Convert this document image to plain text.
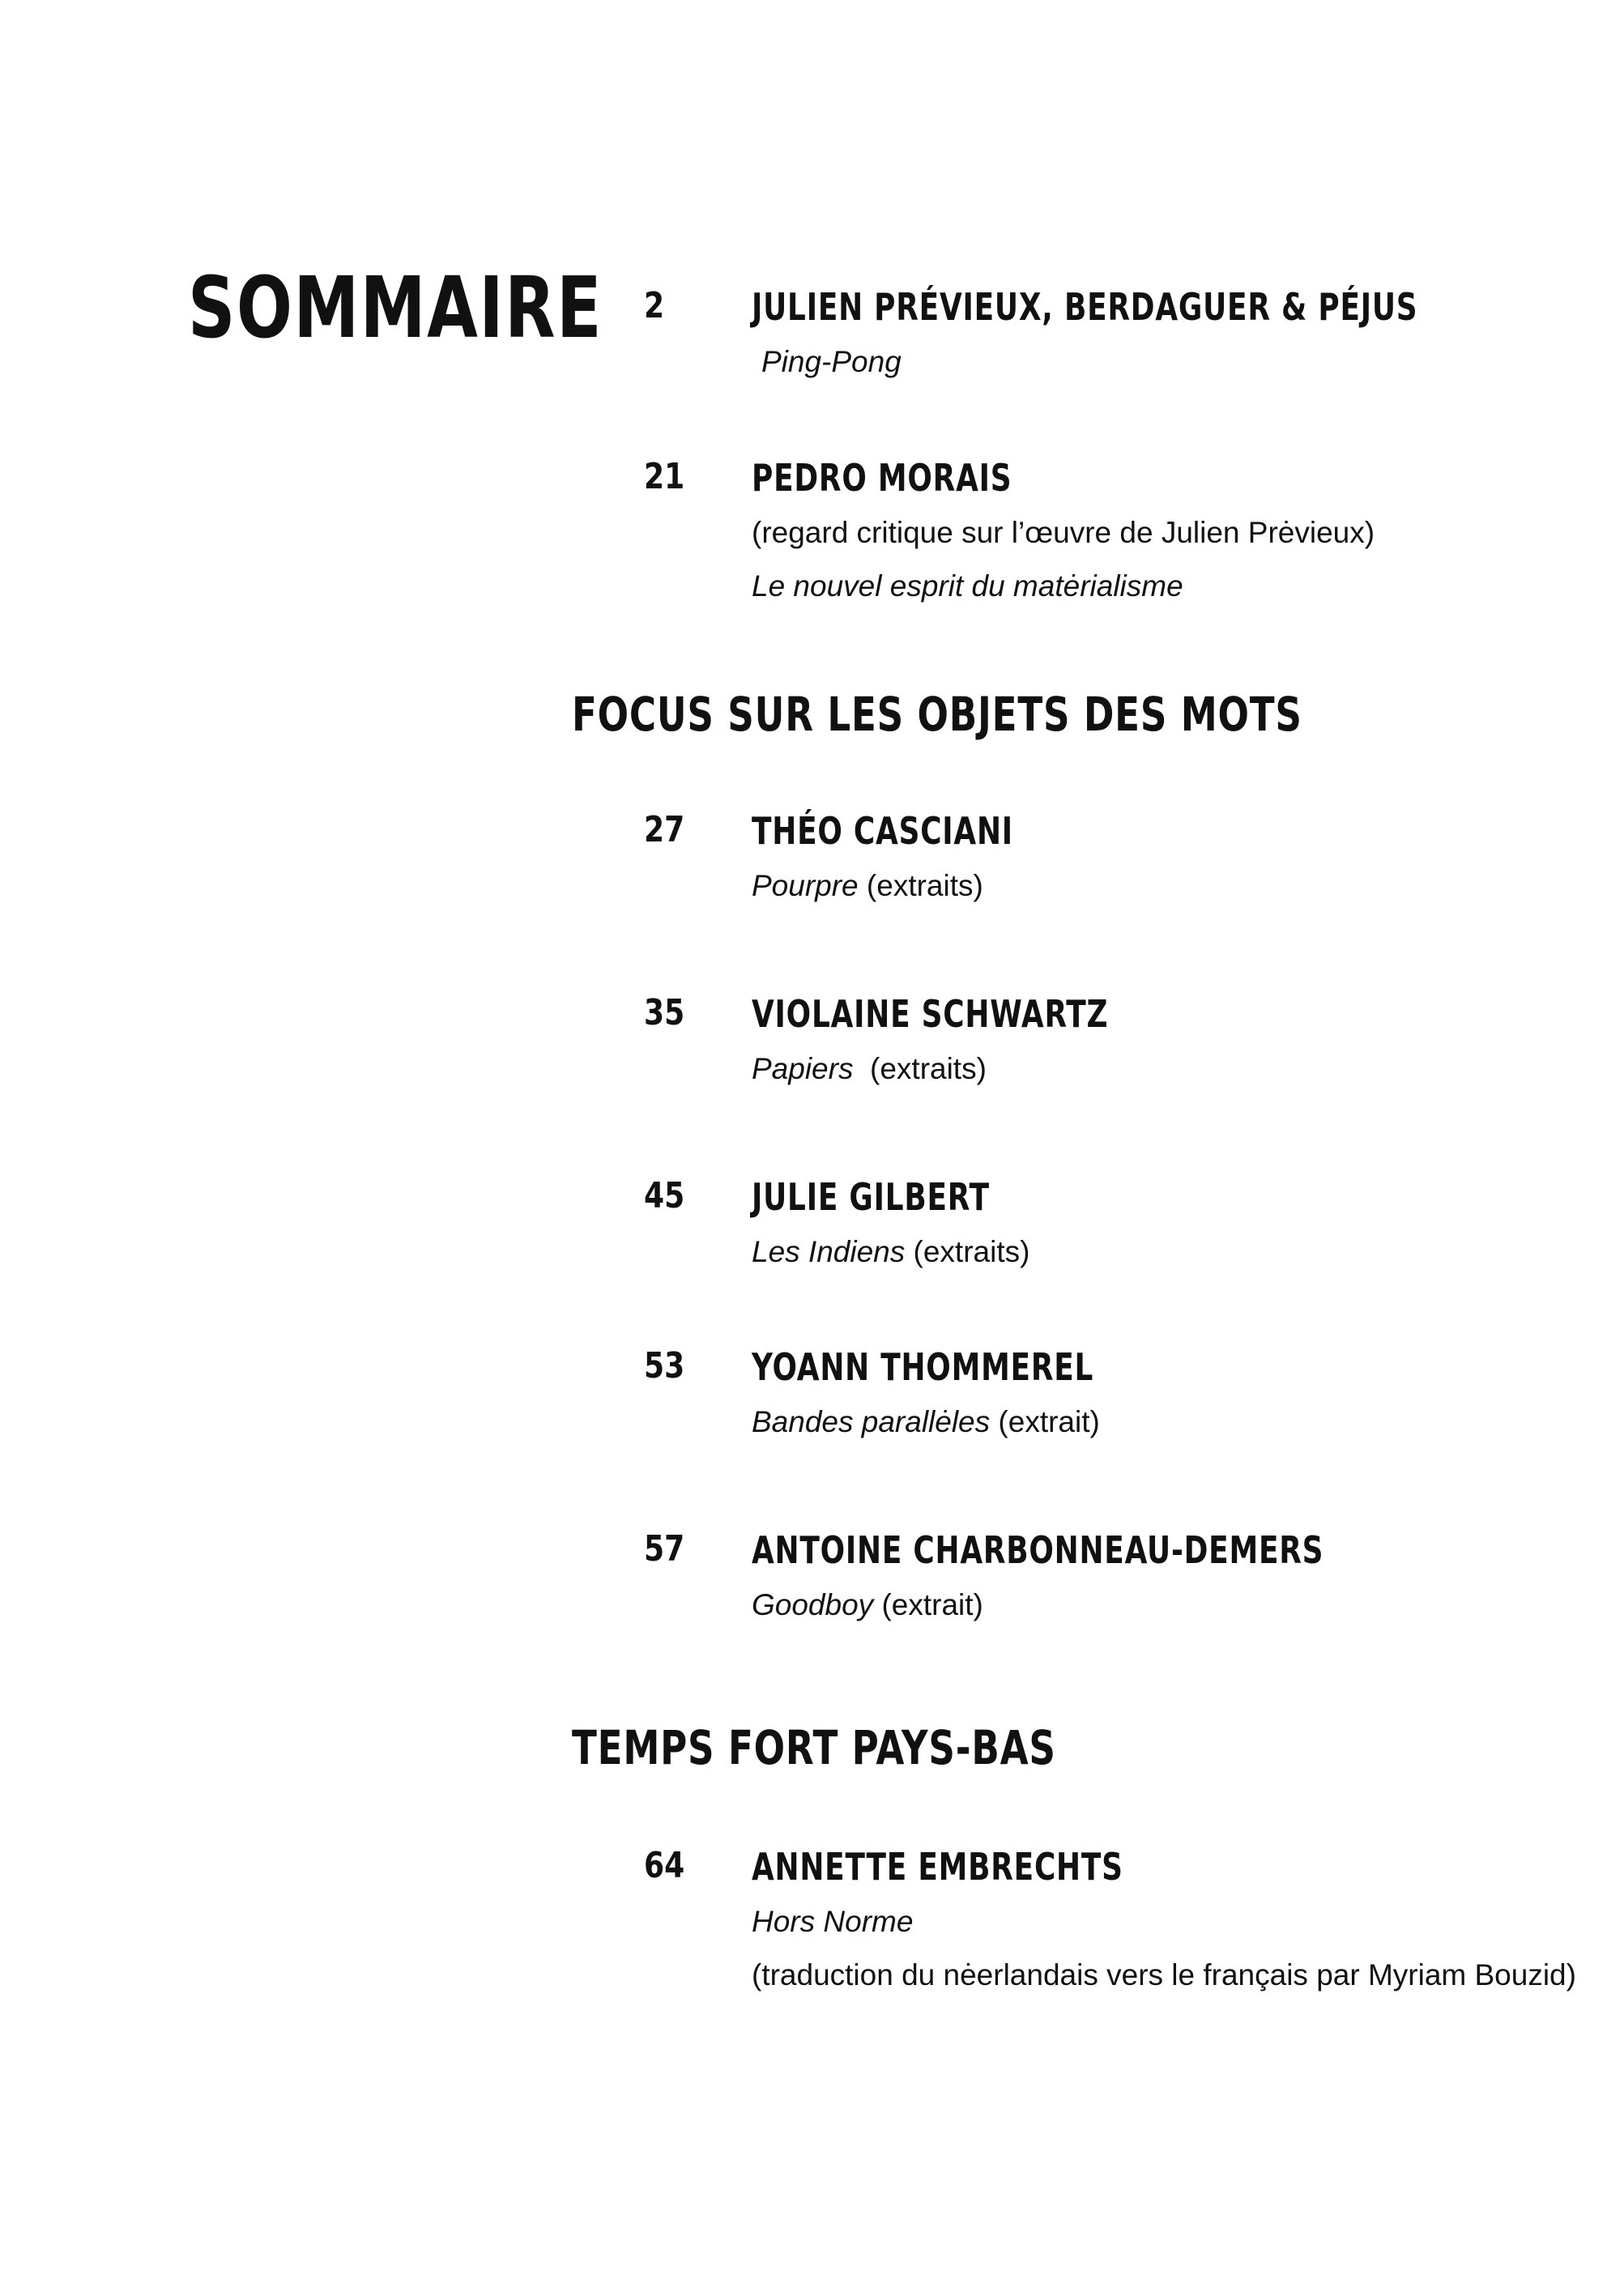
SOMMAIRE 2 JULIEN PRÉVIEUX, BERDAGUER & PÉJUS
Ping-Pong
21 PEDRO MORAIS
(regard critique sur l’œuvre de Julien Prėvieux)
Le nouvel esprit du matėrialisme
FOCUS SUR LES OBJETS DES MOTS
27 THÉO CASCIANI
Pourpre (extraits)
35 VIOLAINE SCHWARTZ
Papiers  (extraits)
45 JULIE GILBERT
Les Indiens (extraits)
53 YOANN THOMMEREL
Bandes parallėles (extrait)
57 ANTOINE CHARBONNEAU-DEMERS
Goodboy (extrait)
TEMPS FORT PAYS-BAS
64 ANNETTE EMBRECHTS
Hors Norme
(traduction du nėerlandais vers le français par Myriam Bouzid)
